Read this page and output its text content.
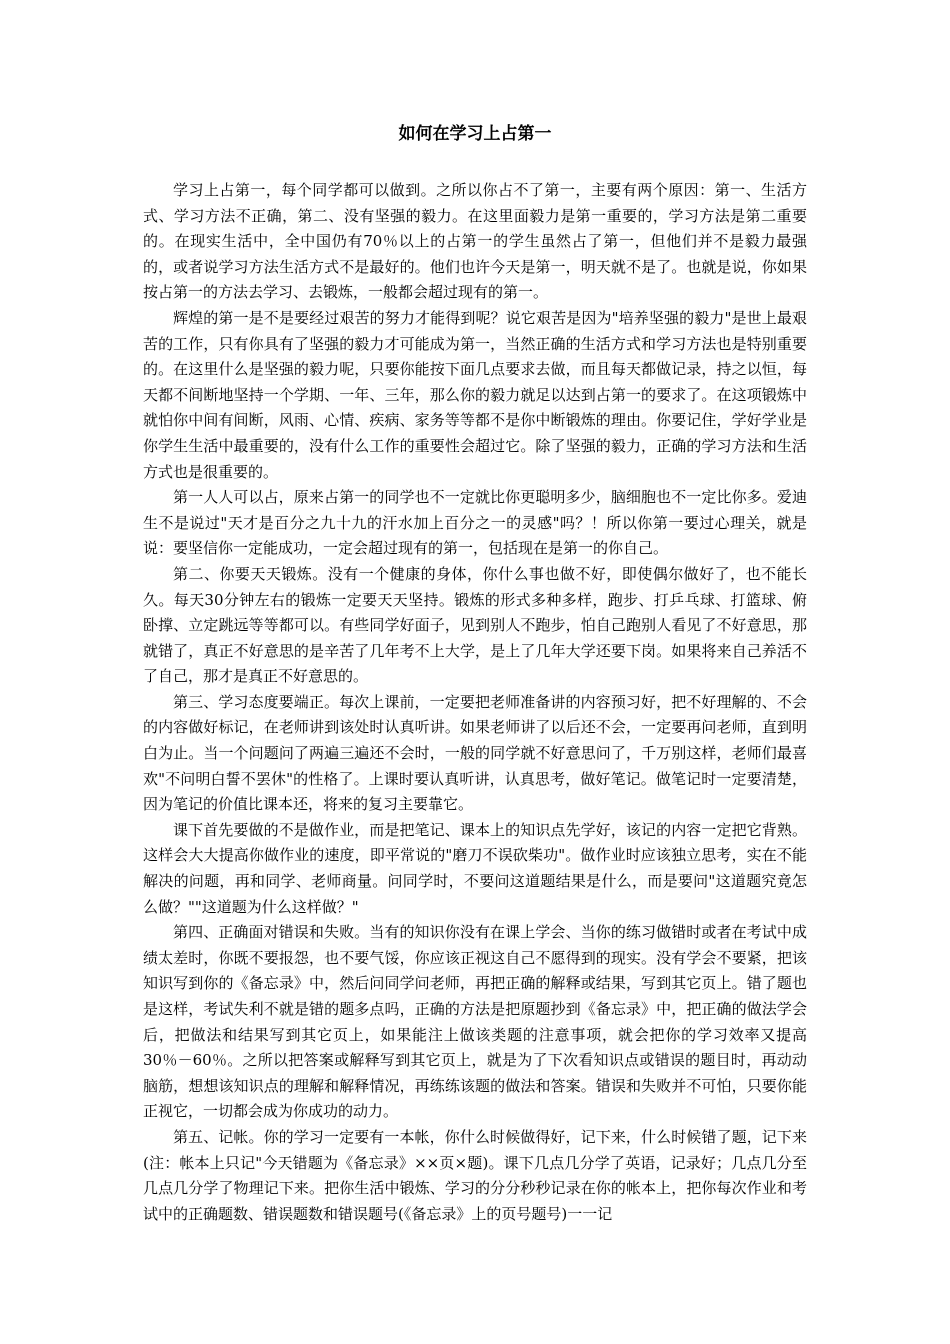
如何在学习上占第一

学习上占第一，每个同学都可以做到。之所以你占不了第一，主要有两个原因：第一、生活方式、学习方法不正确，第二、没有坚强的毅力。在这里面毅力是第一重要的，学习方法是第二重要的。在现实生活中，全中国仍有70％以上的占第一的学生虽然占了第一，但他们并不是毅力最强的，或者说学习方法生活方式不是最好的。他们也许今天是第一，明天就不是了。也就是说，你如果按占第一的方法去学习、去锻炼，一般都会超过现有的第一。

辉煌的第一是不是要经过艰苦的努力才能得到呢？说它艰苦是因为"培养坚强的毅力"是世上最艰苦的工作，只有你具有了坚强的毅力才可能成为第一，当然正确的生活方式和学习方法也是特别重要的。在这里什么是坚强的毅力呢，只要你能按下面几点要求去做，而且每天都做记录，持之以恒，每天都不间断地坚持一个学期、一年、三年，那么你的毅力就足以达到占第一的要求了。在这项锻炼中就怕你中间有间断，风雨、心情、疾病、家务等等都不是你中断锻炼的理由。你要记住，学好学业是你学生生活中最重要的，没有什么工作的重要性会超过它。除了坚强的毅力，正确的学习方法和生活方式也是很重要的。

第一人人可以占，原来占第一的同学也不一定就比你更聪明多少，脑细胞也不一定比你多。爱迪生不是说过"天才是百分之九十九的汗水加上百分之一的灵感"吗？！所以你第一要过心理关，就是说：要坚信你一定能成功，一定会超过现有的第一，包括现在是第一的你自己。

第二、你要天天锻炼。没有一个健康的身体，你什么事也做不好，即使偶尔做好了，也不能长久。每天30分钟左右的锻炼一定要天天坚持。锻炼的形式多种多样，跑步、打乒乓球、打篮球、俯卧撑、立定跳远等等都可以。有些同学好面子，见到别人不跑步，怕自己跑别人看见了不好意思，那就错了，真正不好意思的是辛苦了几年考不上大学，是上了几年大学还要下岗。如果将来自己养活不了自己，那才是真正不好意思的。

第三、学习态度要端正。每次上课前，一定要把老师准备讲的内容预习好，把不好理解的、不会的内容做好标记，在老师讲到该处时认真听讲。如果老师讲了以后还不会，一定要再问老师，直到明白为止。当一个问题问了两遍三遍还不会时，一般的同学就不好意思问了，千万别这样，老师们最喜欢"不问明白誓不罢休"的性格了。上课时要认真听讲，认真思考，做好笔记。做笔记时一定要清楚，因为笔记的价值比课本还，将来的复习主要靠它。

课下首先要做的不是做作业，而是把笔记、课本上的知识点先学好，该记的内容一定把它背熟。这样会大大提高你做作业的速度，即平常说的"磨刀不误砍柴功"。做作业时应该独立思考，实在不能解决的问题，再和同学、老师商量。问同学时，不要问这道题结果是什么，而是要问"这道题究竟怎么做？""这道题为什么这样做？"

第四、正确面对错误和失败。当有的知识你没有在课上学会、当你的练习做错时或者在考试中成绩太差时，你既不要报怨，也不要气馁，你应该正视这自己不愿得到的现实。没有学会不要紧，把该知识写到你的《备忘录》中，然后问同学问老师，再把正确的解释或结果，写到其它页上。错了题也是这样，考试失利不就是错的题多点吗，正确的方法是把原题抄到《备忘录》中，把正确的做法学会后，把做法和结果写到其它页上，如果能注上做该类题的注意事项，就会把你的学习效率又提高30％－60％。之所以把答案或解释写到其它页上，就是为了下次看知识点或错误的题目时，再动动脑筋，想想该知识点的理解和解释情况，再练练该题的做法和答案。错误和失败并不可怕，只要你能正视它，一切都会成为你成功的动力。

第五、记帐。你的学习一定要有一本帐，你什么时候做得好，记下来，什么时候错了题，记下来(注：帐本上只记"今天错题为《备忘录》××页×题)。课下几点几分学了英语，记录好；几点几分至几点几分学了物理记下来。把你生活中锻炼、学习的分分秒秒记录在你的帐本上，把你每次作业和考试中的正确题数、错误题数和错误题号(《备忘录》上的页号题号)一一记
